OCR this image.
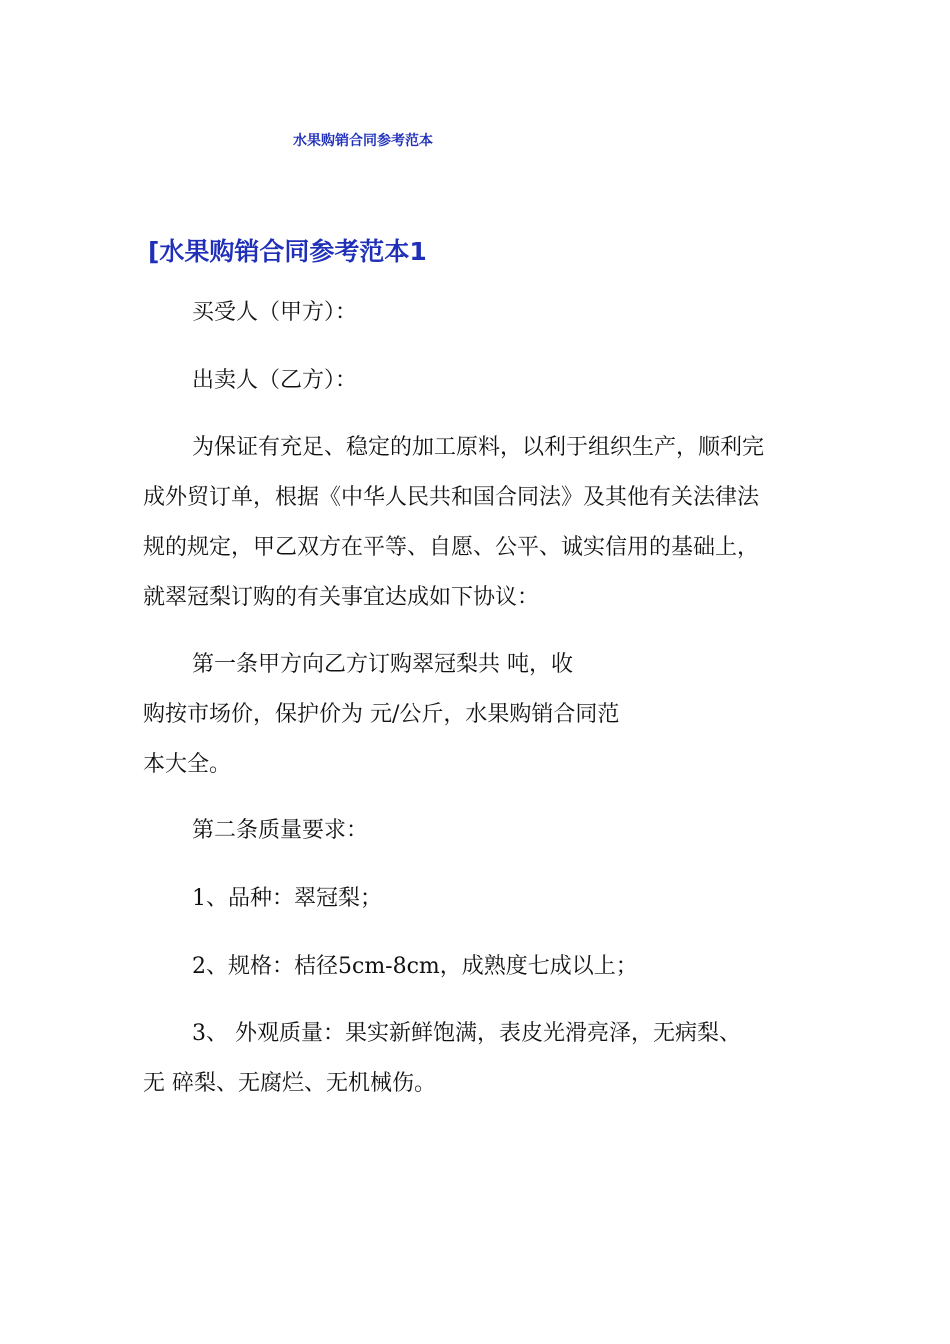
水果购销合同参考范本
[水果购销合同参考范本1
买受人（甲方）：
出卖人（乙方）：
为保证有充足、稳定的加工原料，以利于组织生产，顺利完
成外贸订单，根据《中华人民共和国合同法》及其他有关法律法
规的规定，甲乙双方在平等、自愿、公平、诚实信用的基础上，
就翠冠梨订购的有关事宜达成如下协议：
第一条甲方向乙方订购翠冠梨共 吨，收
购按市场价，保护价为 元/公斤，水果购销合同范
本大全。
第二条质量要求：
1、品种：翠冠梨；
2、规格：桔径5cm-8cm，成熟度七成以上；
3、 外观质量：果实新鲜饱满，表皮光滑亮泽，无病梨、
无 碎梨、无腐烂、无机械伤。
